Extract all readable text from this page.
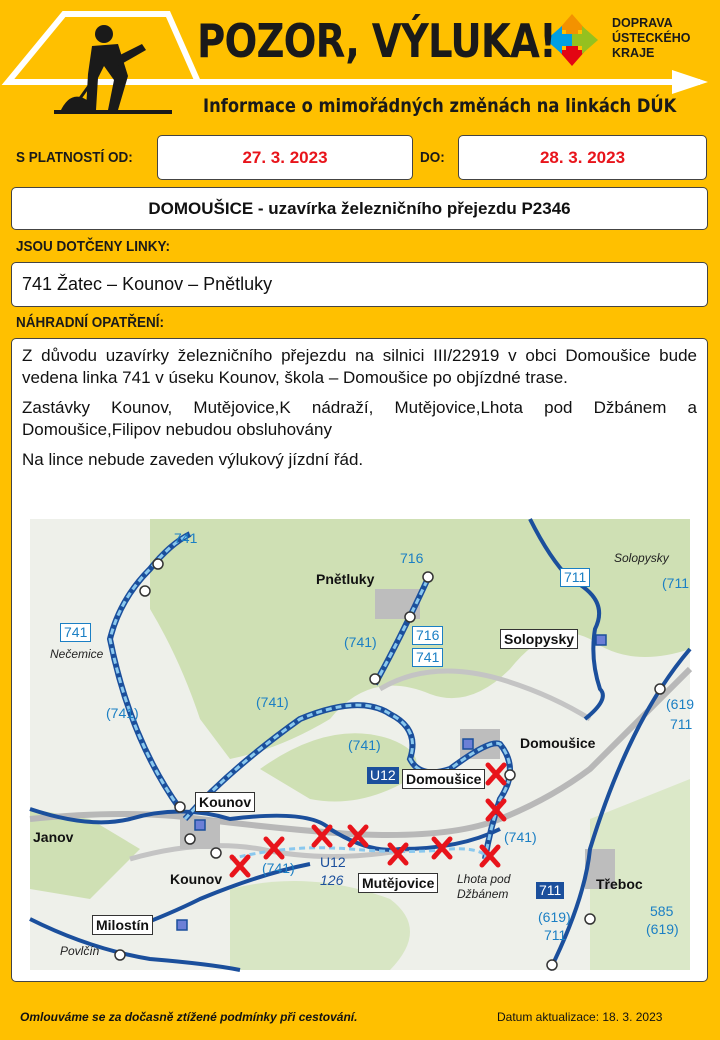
POZOR, VÝLUKA!
Informace o mimořádných změnách na linkách DÚK
DOPRAVA
ÚSTECKÉHO
KRAJE
S PLATNOSTÍ OD:	27. 3. 2023	DO:	28. 3. 2023
DOMOUŠICE - uzavírka železničního přejezdu P2346
JSOU DOTČENY LINKY:
741 Žatec – Kounov – Pnětluky
NÁHRADNÍ OPATŘENÍ:

Z důvodu uzavírky železničního přejezdu na silnici III/22919 v obci Domoušice bude vedena linka 741 v úseku Kounov, škola – Domoušice po objízdné trase.

Zastávky Kounov, Mutějovice,K nádraží, Mutějovice,Lhota pod Džbánem a Domoušice,Filipov nebudou obsluhovány

Na lince nebude zaveden výlukový jízdní řád.

741
741
Nečemice
(741)
(741)
(741)
(741)
(741)
(741)
716
Pnětluky
716
741
711
Solopysky
(711
Solopysky
(619
711
Domoušice
U12 Domoušice
Kounov
Janov
Kounov
U12
126 Mutějovice	Lhota pod
Džbánem 711 Třeboc
(619)
711
585
(619)
Milostín
Povlčín
Omlouváme se za dočasně ztížené podmínky při cestování.	Datum aktualizace: 18. 3. 2023
